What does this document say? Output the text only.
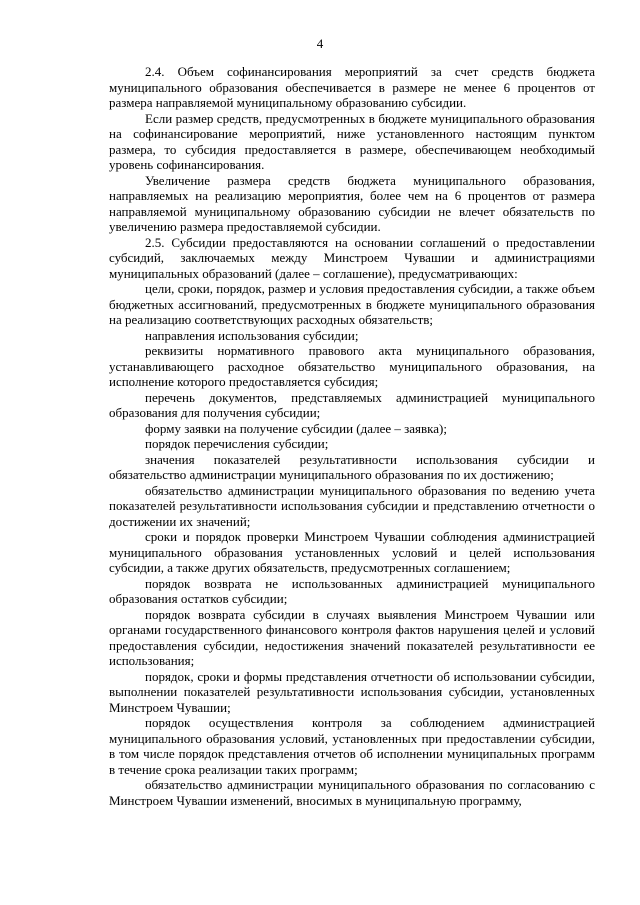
4

2.4. Объем софинансирования мероприятий за счет средств бюджета муниципального образования обеспечивается в размере не менее 6 процентов от размера направляемой муниципальному образованию субсидии.

Если размер средств, предусмотренных в бюджете муниципального образования на софинансирование мероприятий, ниже установленного настоящим пунктом размера, то субсидия предоставляется в размере, обеспечивающем необходимый уровень софинансирования.

Увеличение размера средств бюджета муниципального образования, направляемых на реализацию мероприятия, более чем на 6 процентов от размера направляемой муниципальному образованию субсидии не влечет обязательств по увеличению размера предоставляемой субсидии.

2.5. Субсидии предоставляются на основании соглашений о предоставлении субсидий, заключаемых между Минстроем Чувашии и администрациями муниципальных образований (далее – соглашение), предусматривающих:

цели, сроки, порядок, размер и условия предоставления субсидии, а также объем бюджетных ассигнований, предусмотренных в бюджете муниципального образования на реализацию соответствующих расходных обязательств;

направления использования субсидии;

реквизиты нормативного правового акта муниципального образования, устанавливающего расходное обязательство муниципального образования, на исполнение которого предоставляется субсидия;

перечень документов, представляемых администрацией муниципального образования для получения субсидии;

форму заявки на получение субсидии (далее – заявка);

порядок перечисления субсидии;

значения показателей результативности использования субсидии и обязательство администрации муниципального образования по их достижению;

обязательство администрации муниципального образования по ведению учета показателей результативности использования субсидии и представлению отчетности о достижении их значений;

сроки и порядок проверки Минстроем Чувашии соблюдения администрацией муниципального образования установленных условий и целей использования субсидии, а также других обязательств, предусмотренных соглашением;

порядок возврата не использованных администрацией муниципального образования остатков субсидии;

порядок возврата субсидии в случаях выявления Минстроем Чувашии или органами государственного финансового контроля фактов нарушения целей и условий предоставления субсидии, недостижения значений показателей результативности ее использования;

порядок, сроки и формы представления отчетности об использовании субсидии, выполнении показателей результативности использования субсидии, установленных Минстроем Чувашии;

порядок осуществления контроля за соблюдением администрацией муниципального образования условий, установленных при предоставлении субсидии, в том числе порядок представления отчетов об исполнении муниципальных программ в течение срока реализации таких программ;

обязательство администрации муниципального образования по согласованию с Минстроем Чувашии изменений, вносимых в муниципальную программу,
